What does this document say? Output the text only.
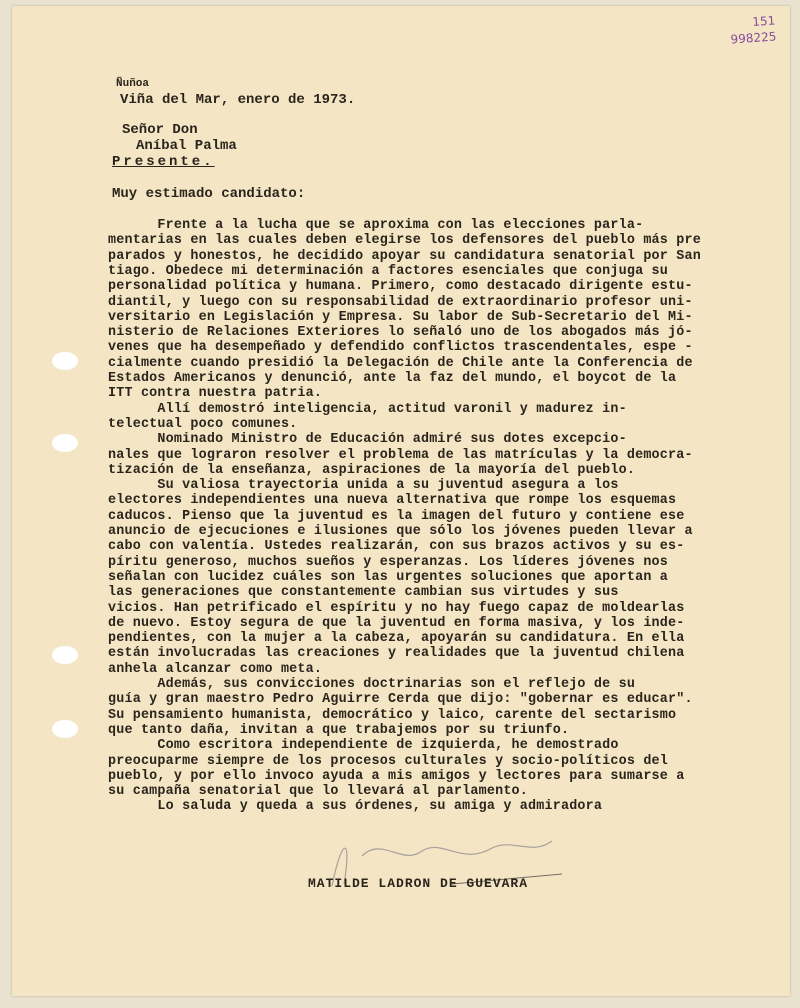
151
998225
Ñuñoa
Viña del Mar, enero de 1973.
Señor Don
Aníbal Palma
Presente.
Muy estimado candidato:
Frente a la lucha que se aproxima con las elecciones parla-
mentarias en las cuales deben elegirse los defensores del pueblo más pre
parados y honestos, he decidido apoyar su candidatura senatorial por San
tiago. Obedece mi determinación a factores esenciales que conjuga su
personalidad política y humana. Primero, como destacado dirigente estu-
diantil, y luego con su responsabilidad de extraordinario profesor uni-
versitario en Legislación y Empresa. Su labor de Sub-Secretario del Mi-
nisterio de Relaciones Exteriores lo señaló uno de los abogados más jó-
venes que ha desempeñado y defendido conflictos trascendentales, espe -
cialmente cuando presidió la Delegación de Chile ante la Conferencia de
Estados Americanos y denunció, ante la faz del mundo, el boycot de la
ITT contra nuestra patria.
Allí demostró inteligencia, actitud varonil y madurez in-
telectual poco comunes.
Nominado Ministro de Educación admiré sus dotes excepcio-
nales que lograron resolver el problema de las matrículas y la democra-
tización de la enseñanza, aspiraciones de la mayoría del pueblo.
Su valiosa trayectoria unida a su juventud asegura a los
electores independientes una nueva alternativa que rompe los esquemas
caducos. Pienso que la juventud es la imagen del futuro y contiene ese
anuncio de ejecuciones e ilusiones que sólo los jóvenes pueden llevar a
cabo con valentía. Ustedes realizarán, con sus brazos activos y su es-
píritu generoso, muchos sueños y esperanzas. Los líderes jóvenes nos
señalan con lucidez cuáles son las urgentes soluciones que aportan a
las generaciones que constantemente cambian sus virtudes y sus
vicios. Han petrificado el espíritu y no hay fuego capaz de moldearlas
de nuevo. Estoy segura de que la juventud en forma masiva, y los inde-
pendientes, con la mujer a la cabeza, apoyarán su candidatura. En ella
están involucradas las creaciones y realidades que la juventud chilena
anhela alcanzar como meta.
Además, sus convicciones doctrinarias son el reflejo de su
guía y gran maestro Pedro Aguirre Cerda que dijo: "gobernar es educar".
Su pensamiento humanista, democrático y laico, carente del sectarismo
que tanto daña, invitan a que trabajemos por su triunfo.
Como escritora independiente de izquierda, he demostrado
preocuparme siempre de los procesos culturales y socio-políticos del
pueblo, y por ello invoco ayuda a mis amigos y lectores para sumarse a
su campaña senatorial que lo llevará al parlamento.
Lo saluda y queda a sus órdenes, su amiga y admiradora
MATILDE LADRON DE GUEVARA
